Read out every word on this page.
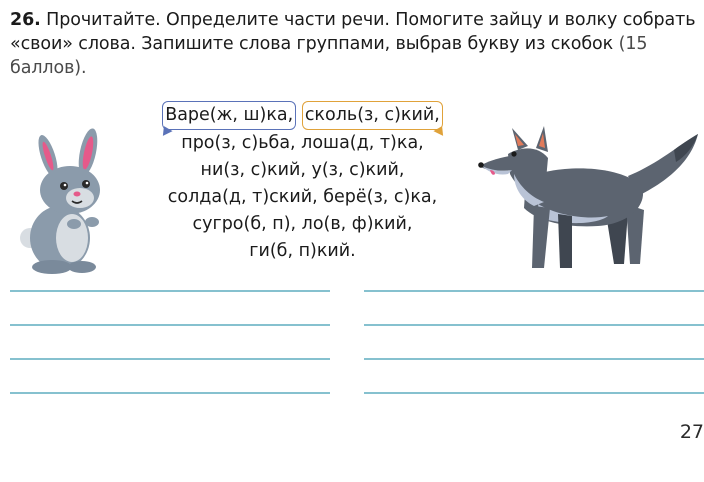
26. Прочитайте. Определите части речи. Помогите зайцу и волку собрать «свои» слова. Запишите слова группами, выбрав букву из скобок (15 баллов).
Варе(ж, ш)ка, сколь(з, с)кий,
про(з, с)ьба, лоша(д, т)ка,
ни(з, с)кий, у(з, с)кий,
солда(д, т)ский, берё(з, с)ка,
сугро(б, п), ло(в, ф)кий,
ги(б, п)кий.
27
